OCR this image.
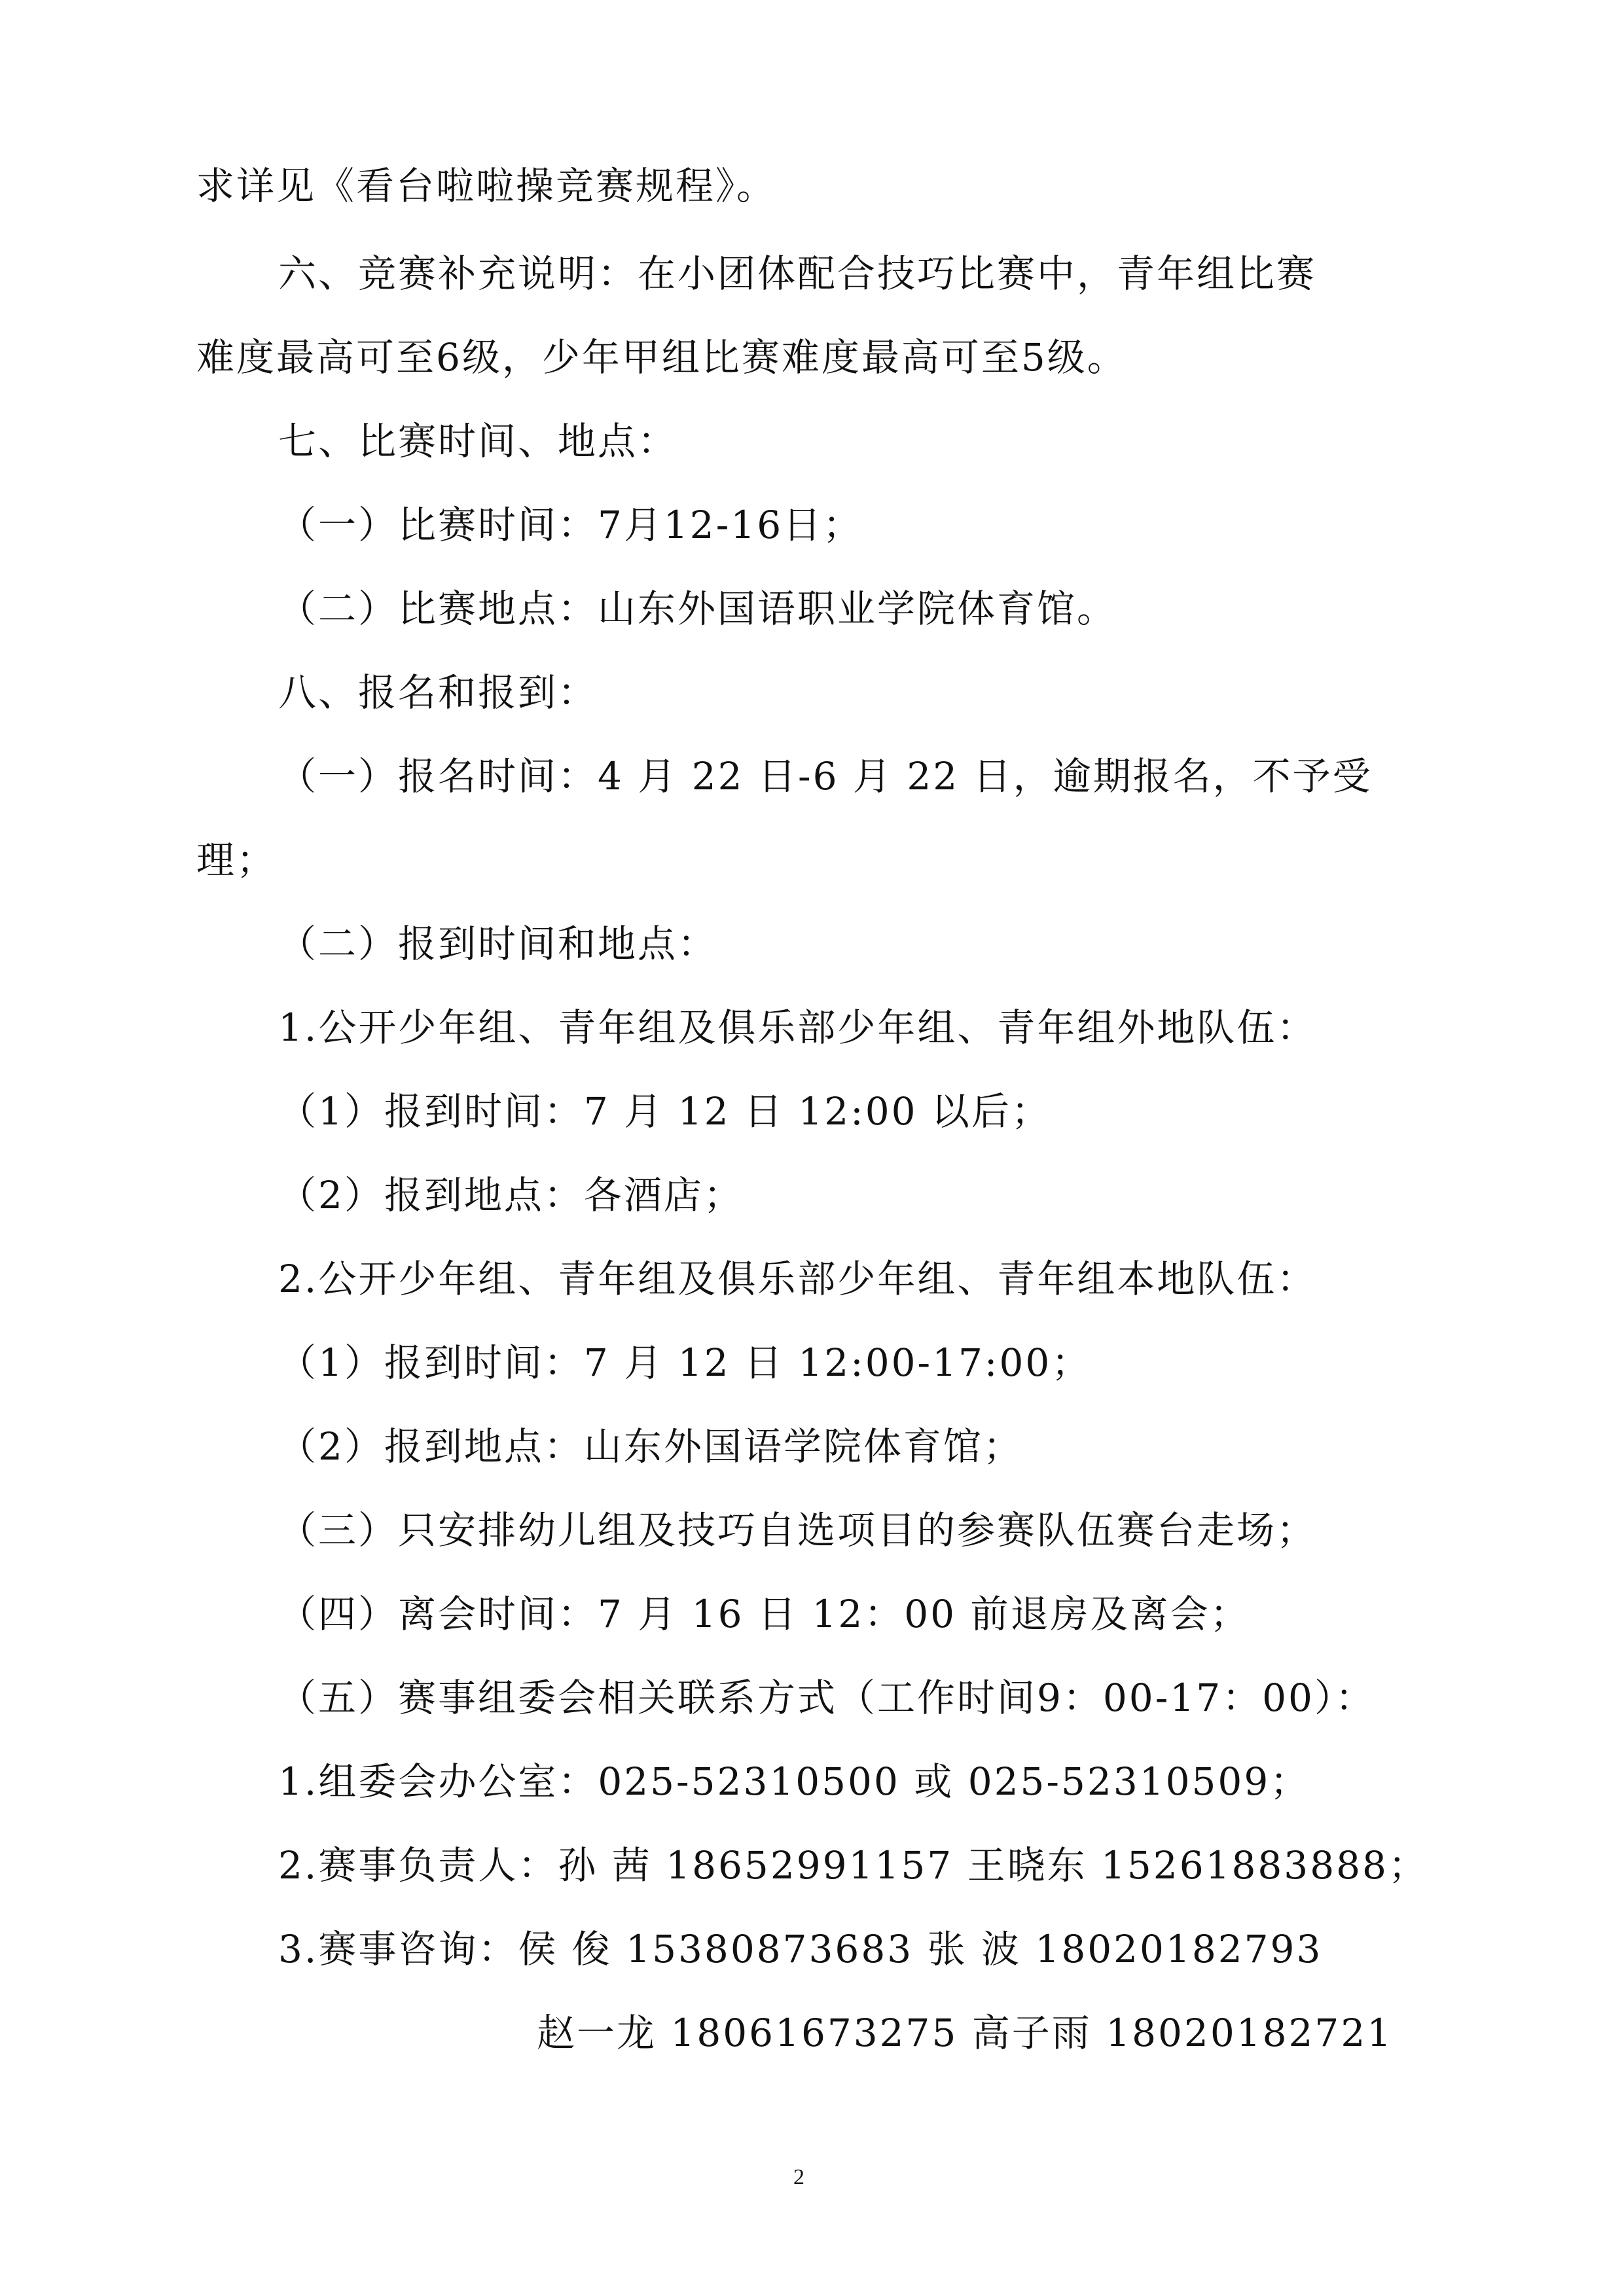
求详见《看台啦啦操竞赛规程》。
六、竞赛补充说明：在小团体配合技巧比赛中，青年组比赛
难度最高可至6级，少年甲组比赛难度最高可至5级。
七、比赛时间、地点：
（一）比赛时间：7月12-16日；
（二）比赛地点：山东外国语职业学院体育馆。
八、报名和报到：
（一）报名时间：4 月 22 日-6 月 22 日，逾期报名，不予受
理；
（二）报到时间和地点：
1.公开少年组、青年组及俱乐部少年组、青年组外地队伍：
（1）报到时间：7 月 12 日 12:00 以后；
（2）报到地点：各酒店；
2.公开少年组、青年组及俱乐部少年组、青年组本地队伍：
（1）报到时间：7 月 12 日 12:00-17:00；
（2）报到地点：山东外国语学院体育馆；
（三）只安排幼儿组及技巧自选项目的参赛队伍赛台走场；
（四）离会时间：7 月 16 日 12：00 前退房及离会；
（五）赛事组委会相关联系方式（工作时间9：00-17：00）：
1.组委会办公室：025-52310500 或 025-52310509；
2.赛事负责人：孙 茜 18652991157 王晓东 15261883888；
3.赛事咨询：侯 俊 15380873683 张 波 18020182793
赵一龙 18061673275 高子雨 18020182721
2
